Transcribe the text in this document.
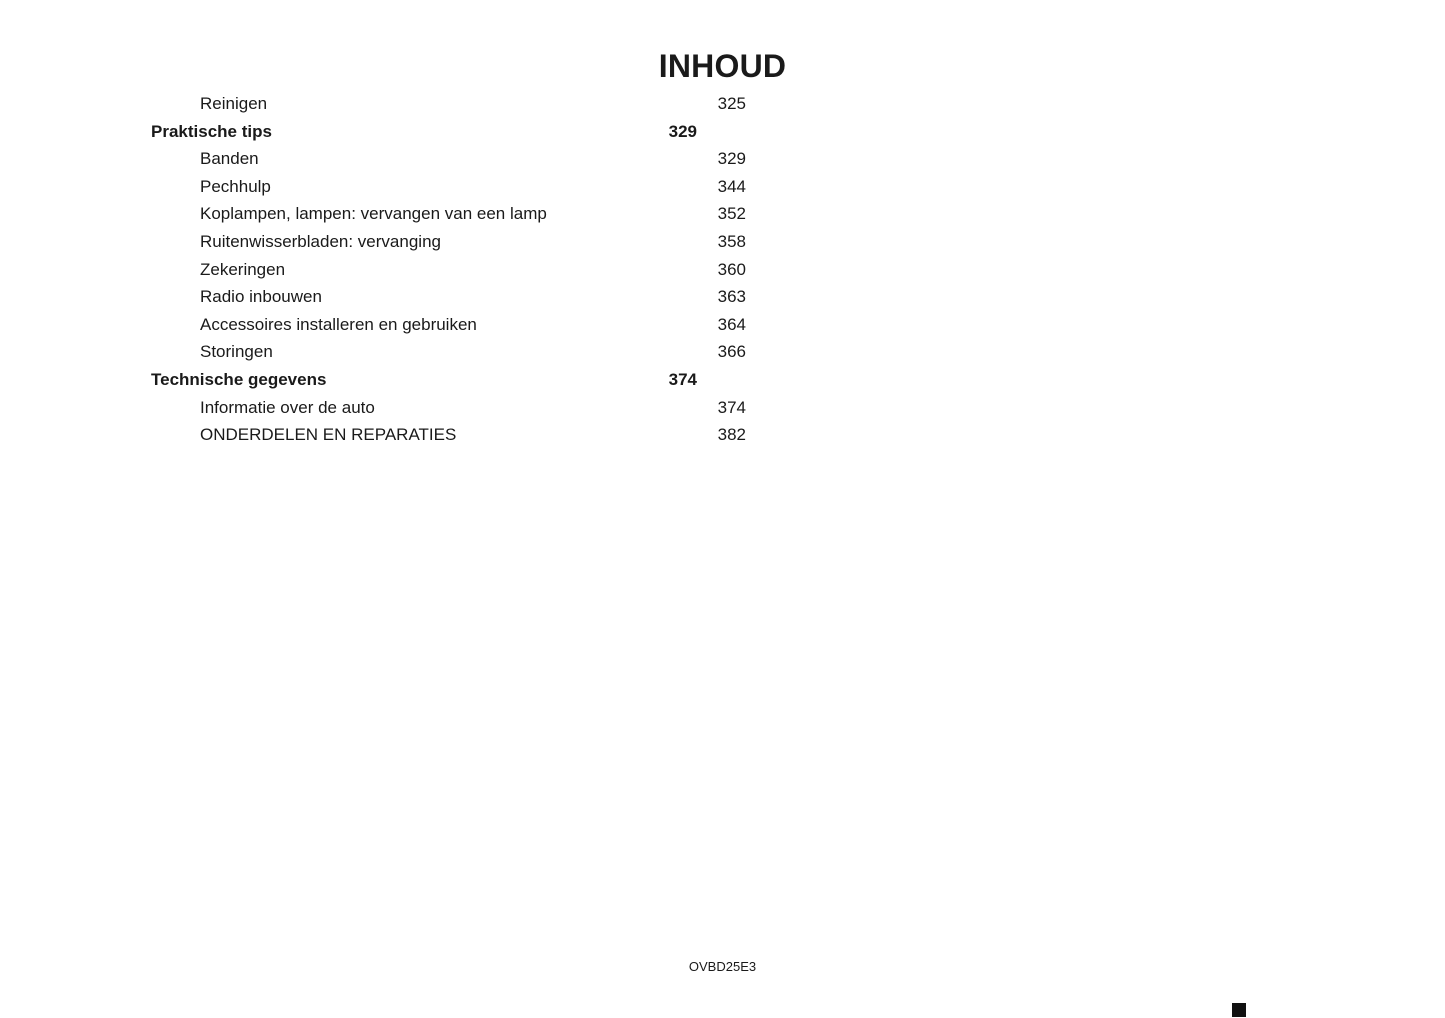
INHOUD
Reinigen	325
Praktische tips	329
Banden	329
Pechhulp	344
Koplampen, lampen: vervangen van een lamp	352
Ruitenwisserbladen: vervanging	358
Zekeringen	360
Radio inbouwen	363
Accessoires installeren en gebruiken	364
Storingen	366
Technische gegevens	374
Informatie over de auto	374
ONDERDELEN EN REPARATIES	382
OVBD25E3
